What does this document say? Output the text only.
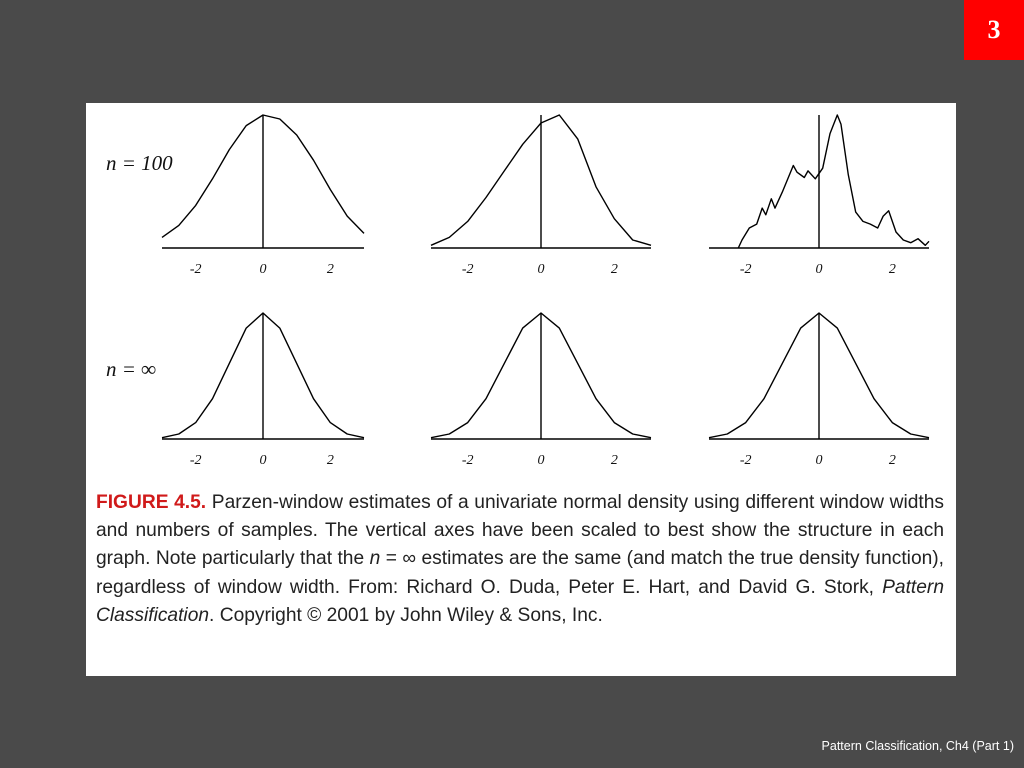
3
-2	0	2	-2	0	2	-2	0	2
-2	0	2	-2	0	2	-2	0	2
n = 100
n = ∞
FIGURE 4.5. Parzen-window estimates of a univariate normal density using different window widths and numbers of samples. The vertical axes have been scaled to best show the structure in each graph. Note particularly that the n = ∞ estimates are the same (and match the true density function), regardless of window width. From: Richard O. Duda, Peter E. Hart, and David G. Stork, Pattern Classification. Copyright © 2001 by John Wiley & Sons, Inc.
Pattern Classification, Ch4 (Part 1)
